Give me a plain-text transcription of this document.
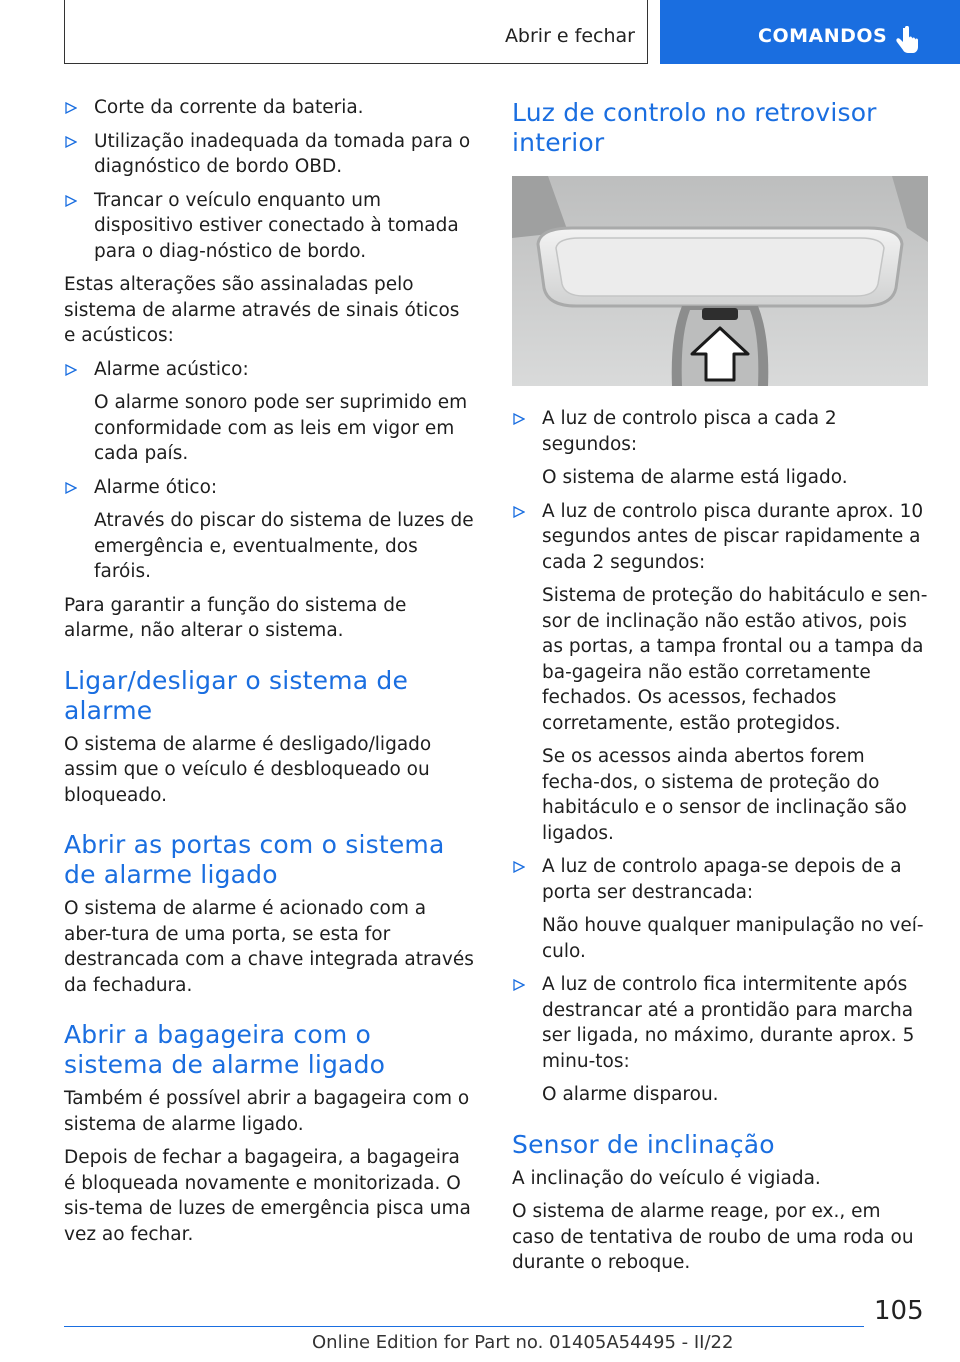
Abrir e fechar	COMANDOS
Corte da corrente da bateria.
Utilização inadequada da tomada para o diagnóstico de bordo OBD.
Trancar o veículo enquanto um dispositivo estiver conectado à tomada para o diag-nóstico de bordo.

Estas alterações são assinaladas pelo sistema de alarme através de sinais óticos e acústicos:

Alarme acústico:
O alarme sonoro pode ser suprimido em conformidade com as leis em vigor em cada país.
Alarme ótico:
Através do piscar do sistema de luzes de emergência e, eventualmente, dos faróis.

Para garantir a função do sistema de alarme, não alterar o sistema.

Ligar/desligar o sistema de alarme

O sistema de alarme é desligado/ligado assim que o veículo é desbloqueado ou bloqueado.

Abrir as portas com o sistema de alarme ligado

O sistema de alarme é acionado com a aber-tura de uma porta, se esta for destrancada com a chave integrada através da fechadura.

Abrir a bagageira com o sistema de alarme ligado

Também é possível abrir a bagageira com o sistema de alarme ligado.

Depois de fechar a bagageira, a bagageira é bloqueada novamente e monitorizada. O sis-tema de luzes de emergência pisca uma vez ao fechar.

Luz de controlo no retrovisor interior
A luz de controlo pisca a cada 2 segundos:
O sistema de alarme está ligado.
A luz de controlo pisca durante aprox. 10 segundos antes de piscar rapidamente a cada 2 segundos:
Sistema de proteção do habitáculo e sen-sor de inclinação não estão ativos, pois as portas, a tampa frontal ou a tampa da ba-gageira não estão corretamente fechados. Os acessos, fechados corretamente, estão protegidos.
Se os acessos ainda abertos forem fecha-dos, o sistema de proteção do habitáculo e o sensor de inclinação são ligados.
A luz de controlo apaga-se depois de a porta ser destrancada:
Não houve qualquer manipulação no veí-culo.
A luz de controlo fica intermitente após destrancar até a prontidão para marcha ser ligada, no máximo, durante aprox. 5 minu-tos:
O alarme disparou.
Sensor de inclinação

A inclinação do veículo é vigiada.

O sistema de alarme reage, por ex., em caso de tentativa de roubo de uma roda ou durante o reboque.

105
Online Edition for Part no. 01405A54495 - II/22
